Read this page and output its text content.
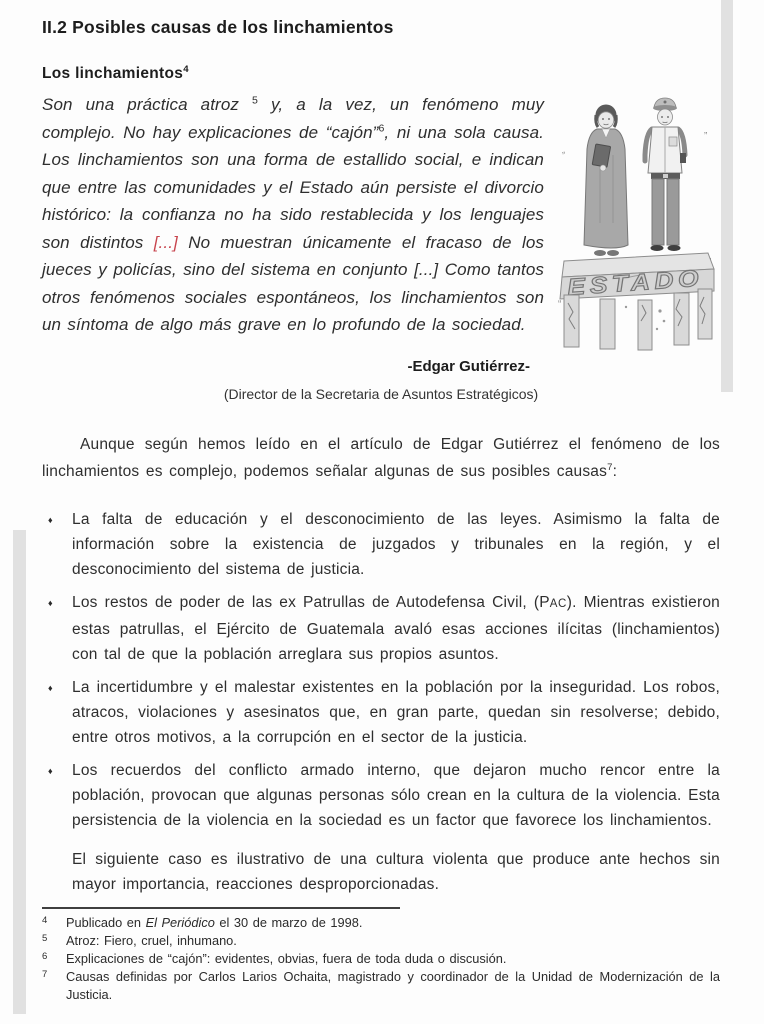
II.2 Posibles causas de los linchamientos
Los linchamientos$^4$
”
”
“
ESTADO

Son una práctica atroz $^5$ y, a la vez, un fenómeno muy complejo. No hay explicaciones de “cajón”$^6$, ni una sola causa. Los linchamientos son una forma de estallido social, e indican que entre las comunidades y el Estado aún persiste el divorcio histórico: la confianza no ha sido restablecida y los lenguajes son distintos [...] No muestran únicamente el fracaso de los jueces y policías, sino del sistema en conjunto [...] Como tantos otros fenómenos sociales espontáneos, los linchamientos son un síntoma de algo más grave en lo profundo de la sociedad.

-Edgar Gutiérrez-
(Director de la Secretaria de Asuntos Estratégicos)

Aunque según hemos leído en el artículo de Edgar Gutiérrez el fenómeno de los linchamientos es complejo, podemos señalar algunas de sus posibles causas$^7$:

♦ La falta de educación y el desconocimiento de las leyes. Asimismo la falta de información sobre la existencia de juzgados y tribunales en la región, y el desconocimiento del sistema de justicia.
♦ Los restos de poder de las ex Patrullas de Autodefensa Civil, (PAC). Mientras existieron estas patrullas, el Ejército de Guatemala avaló esas acciones ilícitas (linchamientos) con tal de que la población arreglara sus propios asuntos.
♦ La incertidumbre y el malestar existentes en la población por la inseguridad. Los robos, atracos, violaciones y asesinatos que, en gran parte, quedan sin resolverse; debido, entre otros motivos, a la corrupción en el sector de la justicia.
♦ Los recuerdos del conflicto armado interno, que dejaron mucho rencor entre la población, provocan que algunas personas sólo crean en la cultura de la violencia. Esta persistencia de la violencia en la sociedad es un factor que favorece los linchamientos.

El siguiente caso es ilustrativo de una cultura violenta que produce ante hechos sin mayor importancia, reacciones desproporcionadas.

$^4$ Publicado en El Periódico el 30 de marzo de 1998.
$^5$ Atroz: Fiero, cruel, inhumano.
$^6$ Explicaciones de “cajón”: evidentes, obvias, fuera de toda duda o discusión.
$^7$ Causas definidas por Carlos Larios Ochaita, magistrado y coordinador de la Unidad de Modernización de la Justicia.
